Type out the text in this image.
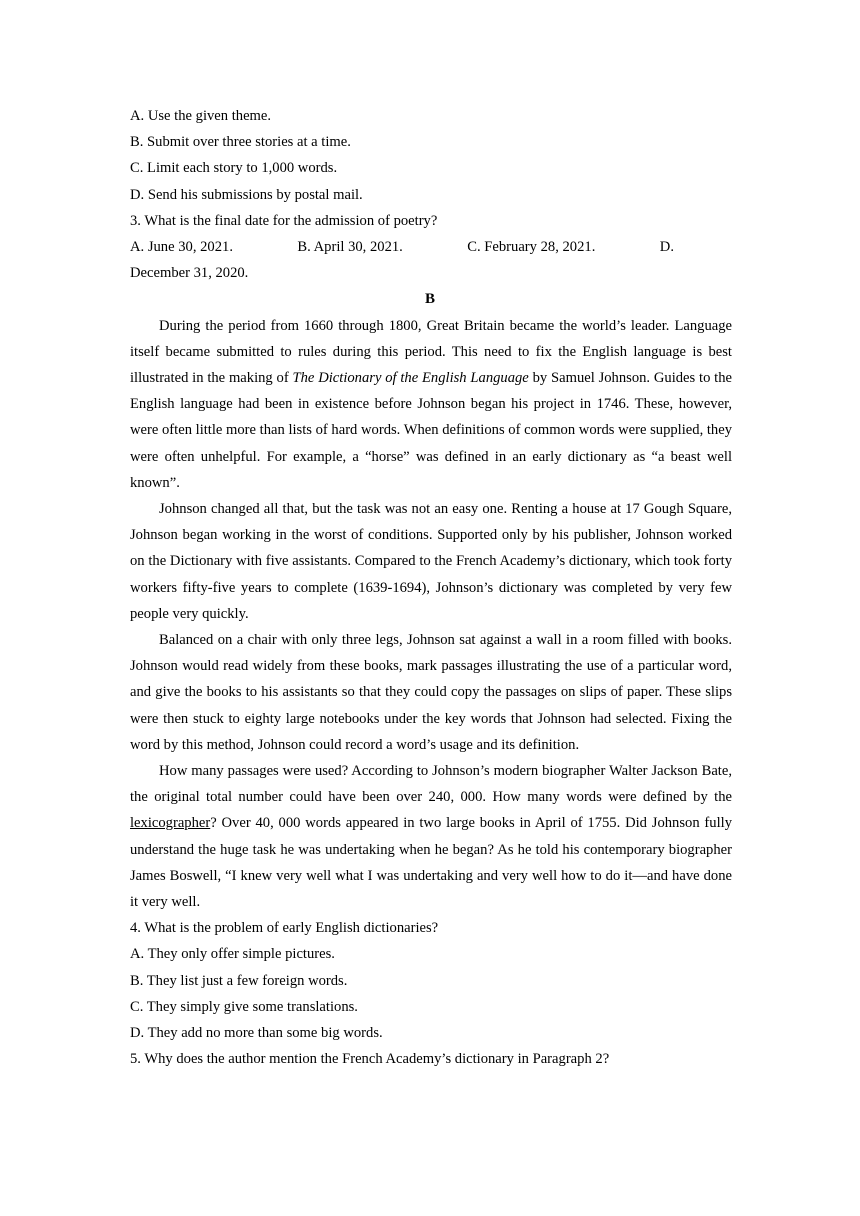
A. Use the given theme.
B. Submit over three stories at a time.
C. Limit each story to 1,000 words.
D. Send his submissions by postal mail.
3. What is the final date for the admission of poetry?
A. June 30, 2021.	B. April 30, 2021.	C. February 28, 2021.	D.
December 31, 2020.
B

During the period from 1660 through 1800, Great Britain became the world’s leader. Language itself became submitted to rules during this period. This need to fix the English language is best illustrated in the making of The Dictionary of the English Language by Samuel Johnson. Guides to the English language had been in existence before Johnson began his project in 1746. These, however, were often little more than lists of hard words. When definitions of common words were supplied, they were often unhelpful. For example, a “horse” was defined in an early dictionary as “a beast well known”.

Johnson changed all that, but the task was not an easy one. Renting a house at 17 Gough Square, Johnson began working in the worst of conditions. Supported only by his publisher, Johnson worked on the Dictionary with five assistants. Compared to the French Academy’s dictionary, which took forty workers fifty-five years to complete (1639-1694), Johnson’s dictionary was completed by very few people very quickly.

Balanced on a chair with only three legs, Johnson sat against a wall in a room filled with books. Johnson would read widely from these books, mark passages illustrating the use of a particular word, and give the books to his assistants so that they could copy the passages on slips of paper. These slips were then stuck to eighty large notebooks under the key words that Johnson had selected. Fixing the word by this method, Johnson could record a word’s usage and its definition.

How many passages were used? According to Johnson’s modern biographer Walter Jackson Bate, the original total number could have been over 240, 000. How many words were defined by the lexicographer? Over 40, 000 words appeared in two large books in April of 1755. Did Johnson fully understand the huge task he was undertaking when he began? As he told his contemporary biographer James Boswell, “I knew very well what I was undertaking and very well how to do it—and have done it very well.

4. What is the problem of early English dictionaries?
A. They only offer simple pictures.
B. They list just a few foreign words.
C. They simply give some translations.
D. They add no more than some big words.
5. Why does the author mention the French Academy’s dictionary in Paragraph 2?
